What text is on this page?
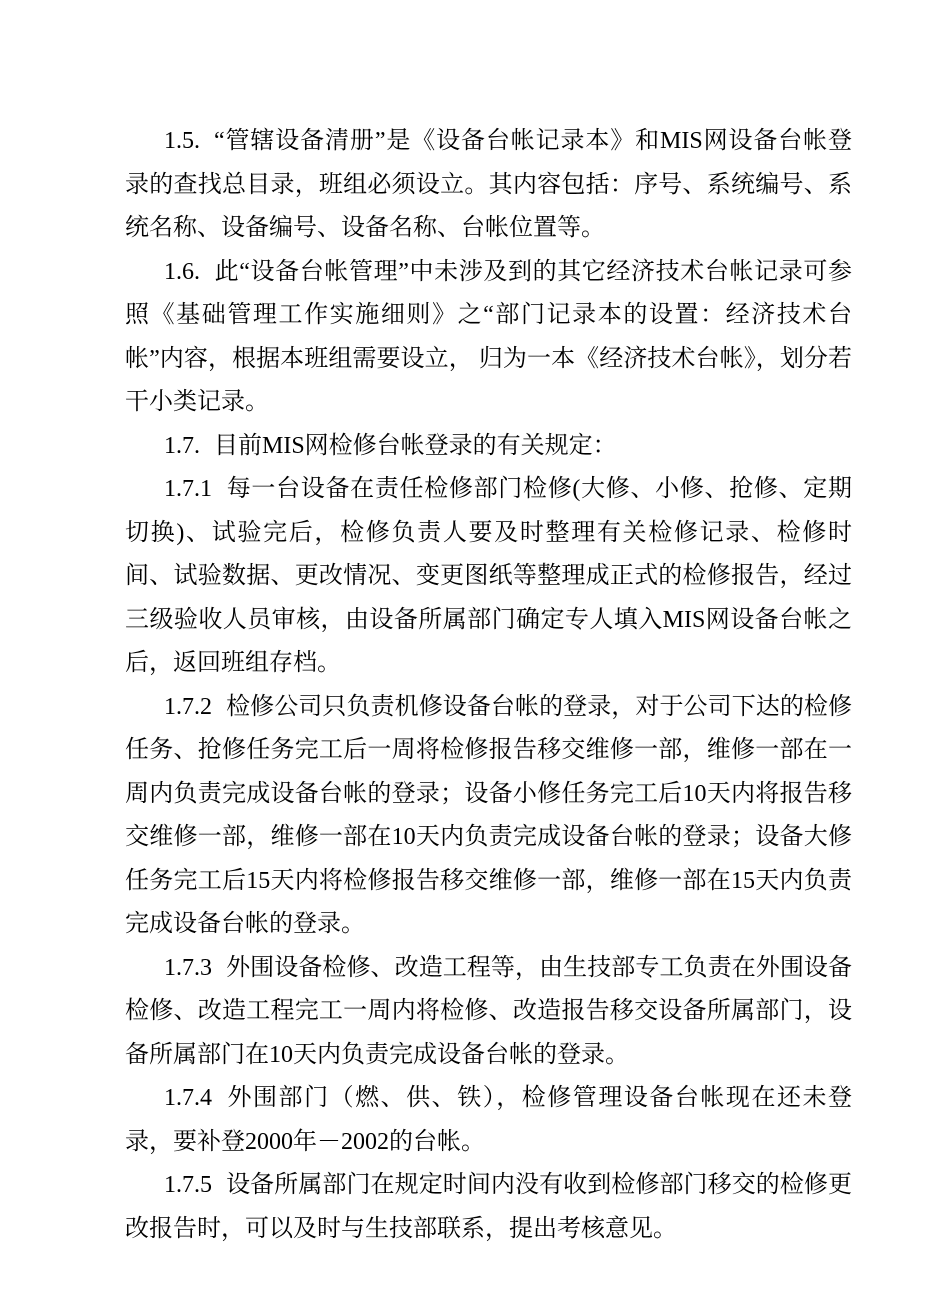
1.5. “管辖设备清册”是《设备台帐记录本》和MIS网设备台帐登录的查找总目录，班组必须设立。其内容包括：序号、系统编号、系统名称、设备编号、设备名称、台帐位置等。

1.6. 此“设备台帐管理”中未涉及到的其它经济技术台帐记录可参照《基础管理工作实施细则》之“部门记录本的设置：经济技术台帐”内容，根据本班组需要设立， 归为一本《经济技术台帐》，划分若干小类记录。

1.7. 目前MIS网检修台帐登录的有关规定：

1.7.1 每一台设备在责任检修部门检修(大修、小修、抢修、定期切换)、试验完后，检修负责人要及时整理有关检修记录、检修时间、试验数据、更改情况、变更图纸等整理成正式的检修报告，经过三级验收人员审核，由设备所属部门确定专人填入MIS网设备台帐之后，返回班组存档。

1.7.2 检修公司只负责机修设备台帐的登录，对于公司下达的检修任务、抢修任务完工后一周将检修报告移交维修一部，维修一部在一周内负责完成设备台帐的登录；设备小修任务完工后10天内将报告移交维修一部，维修一部在10天内负责完成设备台帐的登录；设备大修任务完工后15天内将检修报告移交维修一部，维修一部在15天内负责完成设备台帐的登录。

1.7.3 外围设备检修、改造工程等，由生技部专工负责在外围设备检修、改造工程完工一周内将检修、改造报告移交设备所属部门，设备所属部门在10天内负责完成设备台帐的登录。

1.7.4 外围部门（燃、供、铁），检修管理设备台帐现在还未登录，要补登2000年－2002的台帐。

1.7.5 设备所属部门在规定时间内没有收到检修部门移交的检修更改报告时，可以及时与生技部联系，提出考核意见。
